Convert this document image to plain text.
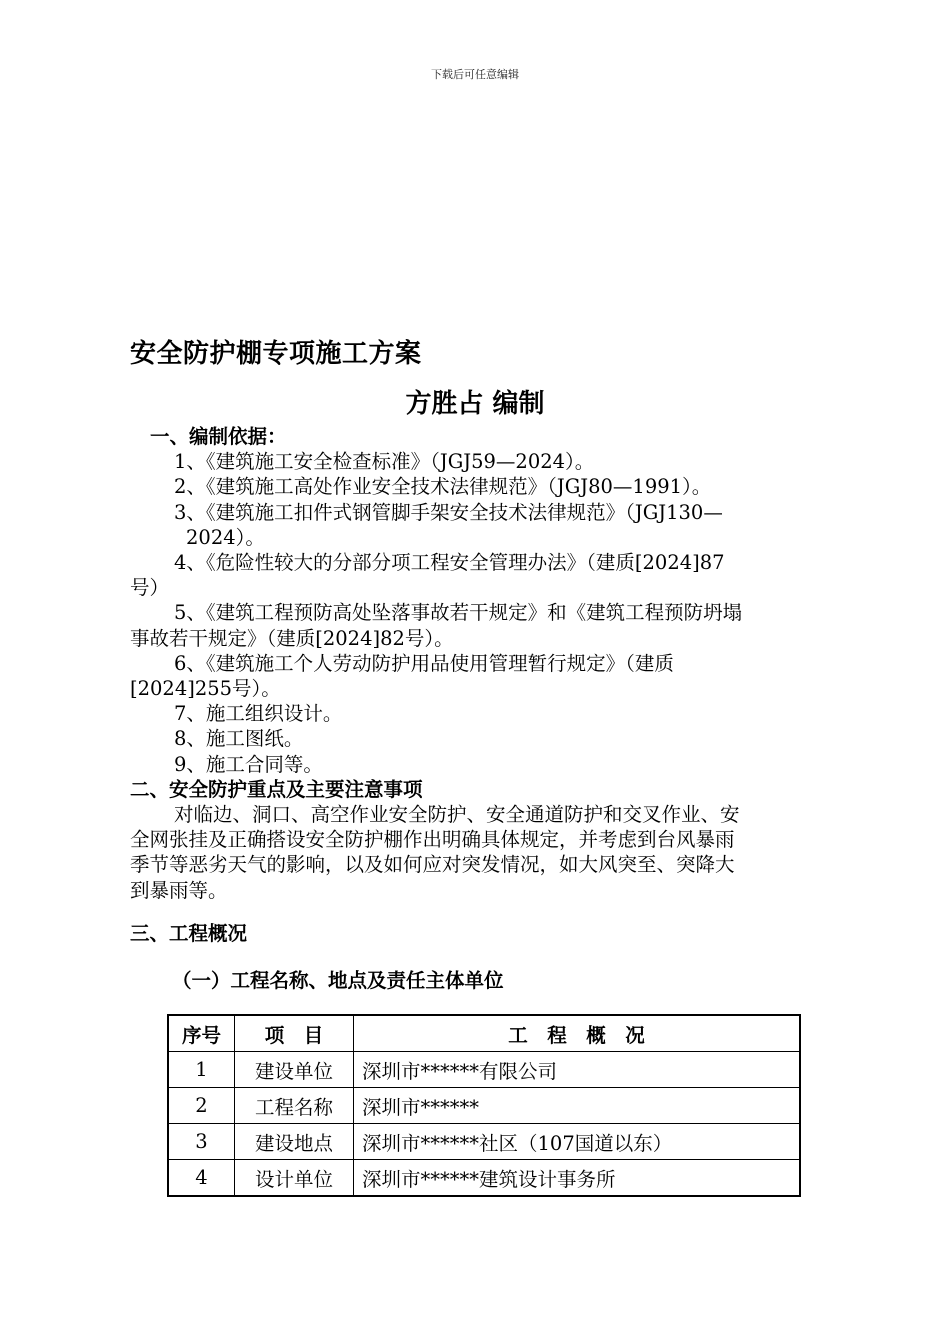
下载后可任意编辑
安全防护棚专项施工方案
方胜占 编制

一、编制依据：

1、《建筑施工安全检查标准》（JGJ59—2024）。

2、《建筑施工高处作业安全技术法律规范》（JGJ80—1991）。

3、《建筑施工扣件式钢管脚手架安全技术法律规范》（JGJ130—

2024）。

4、《危险性较大的分部分项工程安全管理办法》（建质[2024]87

号）

5、《建筑工程预防高处坠落事故若干规定》和《建筑工程预防坍塌

事故若干规定》（建质[2024]82号）。

6、《建筑施工个人劳动防护用品使用管理暂行规定》（建质

[2024]255号）。

7、施工组织设计。

8、施工图纸。

9、施工合同等。

二、安全防护重点及主要注意事项

对临边、洞口、高空作业安全防护、安全通道防护和交叉作业、安

全网张挂及正确搭设安全防护棚作出明确具体规定，并考虑到台风暴雨

季节等恶劣天气的影响，以及如何应对突发情况，如大风突至、突降大

到暴雨等。

三、工程概况
（一）工程名称、地点及责任主体单位
序号	项　目	工　程　概　况
1	建设单位	深圳市******有限公司
2	工程名称	深圳市******
3	建设地点	深圳市******社区（107国道以东）
4	设计单位	深圳市******建筑设计事务所
